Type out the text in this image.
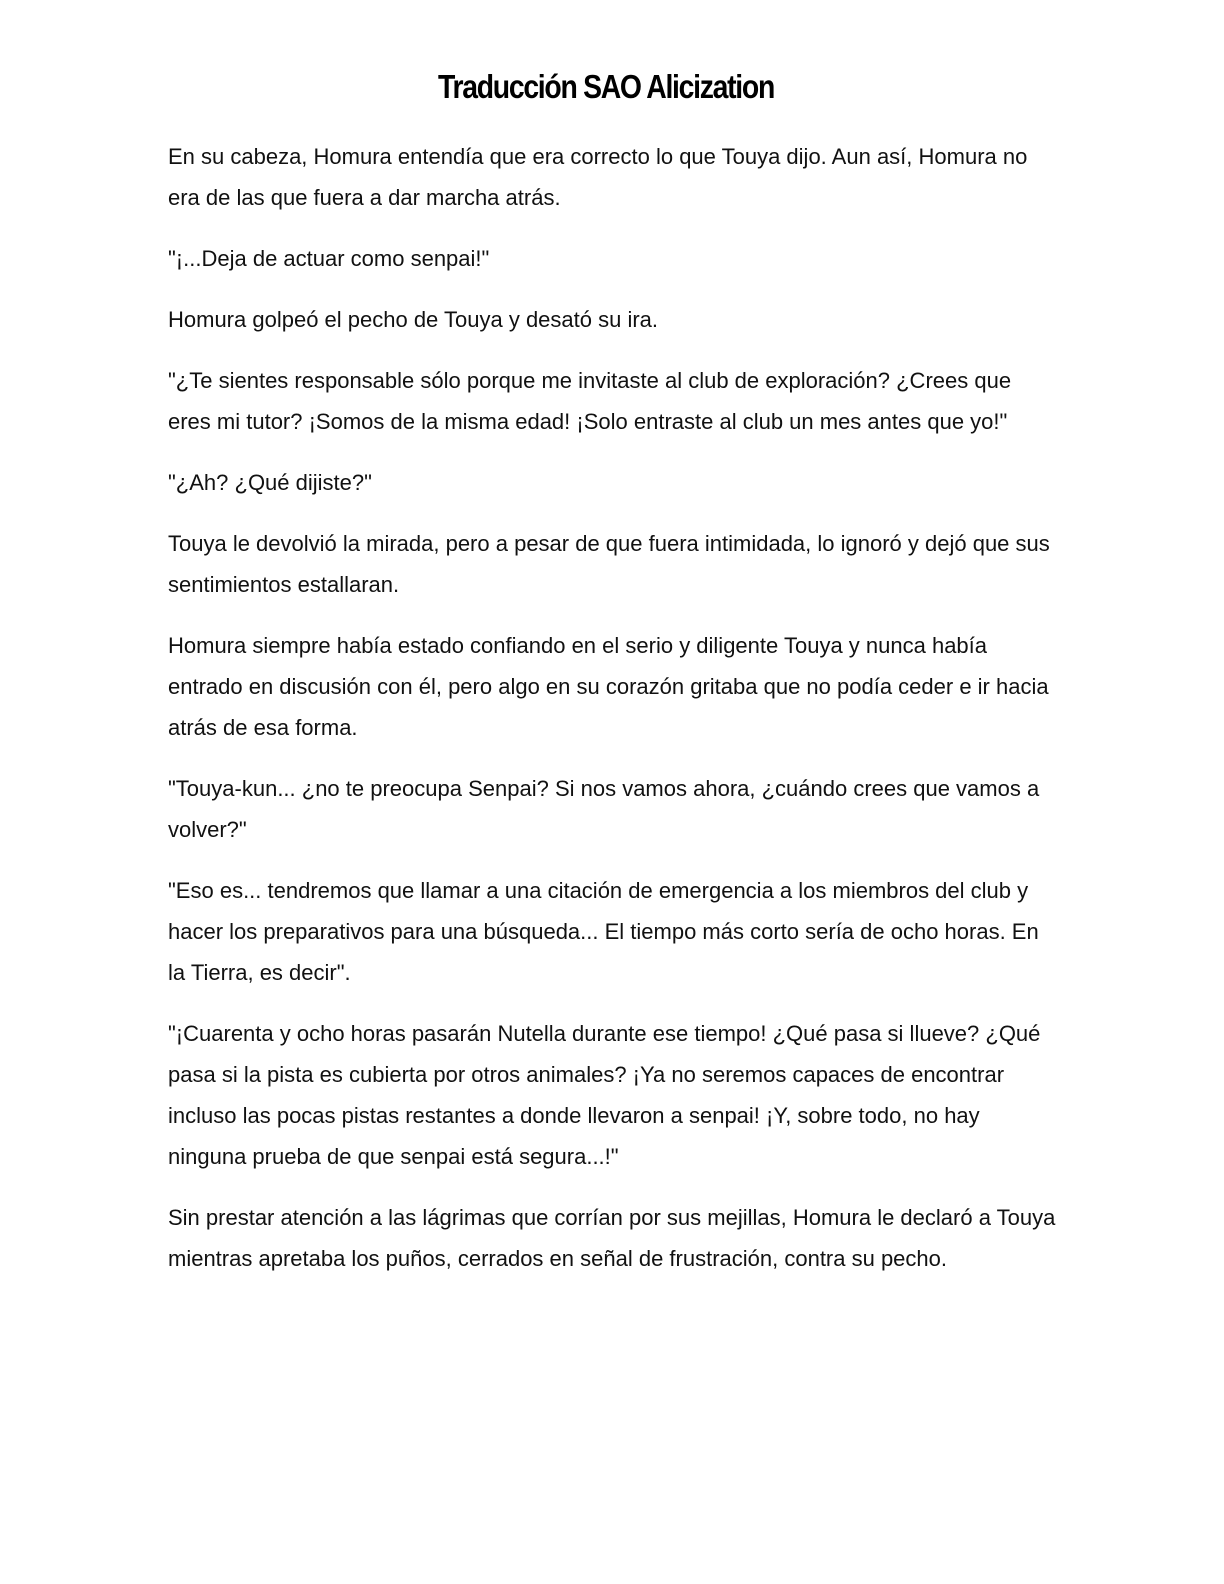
Traducción SAO Alicization

En su cabeza, Homura entendía que era correcto lo que Touya dijo. Aun así, Homura no era de las que fuera a dar marcha atrás.

"¡...Deja de actuar como senpai!"

Homura golpeó el pecho de Touya y desató su ira.

"¿Te sientes responsable sólo porque me invitaste al club de exploración? ¿Crees que eres mi tutor? ¡Somos de la misma edad! ¡Solo entraste al club un mes antes que yo!"

"¿Ah? ¿Qué dijiste?"

Touya le devolvió la mirada, pero a pesar de que fuera intimidada, lo ignoró y dejó que sus sentimientos estallaran.

Homura siempre había estado confiando en el serio y diligente Touya y nunca había entrado en discusión con él, pero algo en su corazón gritaba que no podía ceder e ir hacia atrás de esa forma.

"Touya-kun... ¿no te preocupa Senpai? Si nos vamos ahora, ¿cuándo crees que vamos a volver?"

"Eso es... tendremos que llamar a una citación de emergencia a los miembros del club y hacer los preparativos para una búsqueda... El tiempo más corto sería de ocho horas. En la Tierra, es decir".

"¡Cuarenta y ocho horas pasarán Nutella durante ese tiempo! ¿Qué pasa si llueve? ¿Qué pasa si la pista es cubierta por otros animales? ¡Ya no seremos capaces de encontrar incluso las pocas pistas restantes a donde llevaron a senpai! ¡Y, sobre todo, no hay ninguna prueba de que senpai está segura...!"

Sin prestar atención a las lágrimas que corrían por sus mejillas, Homura le declaró a Touya mientras apretaba los puños, cerrados en señal de frustración, contra su pecho.
